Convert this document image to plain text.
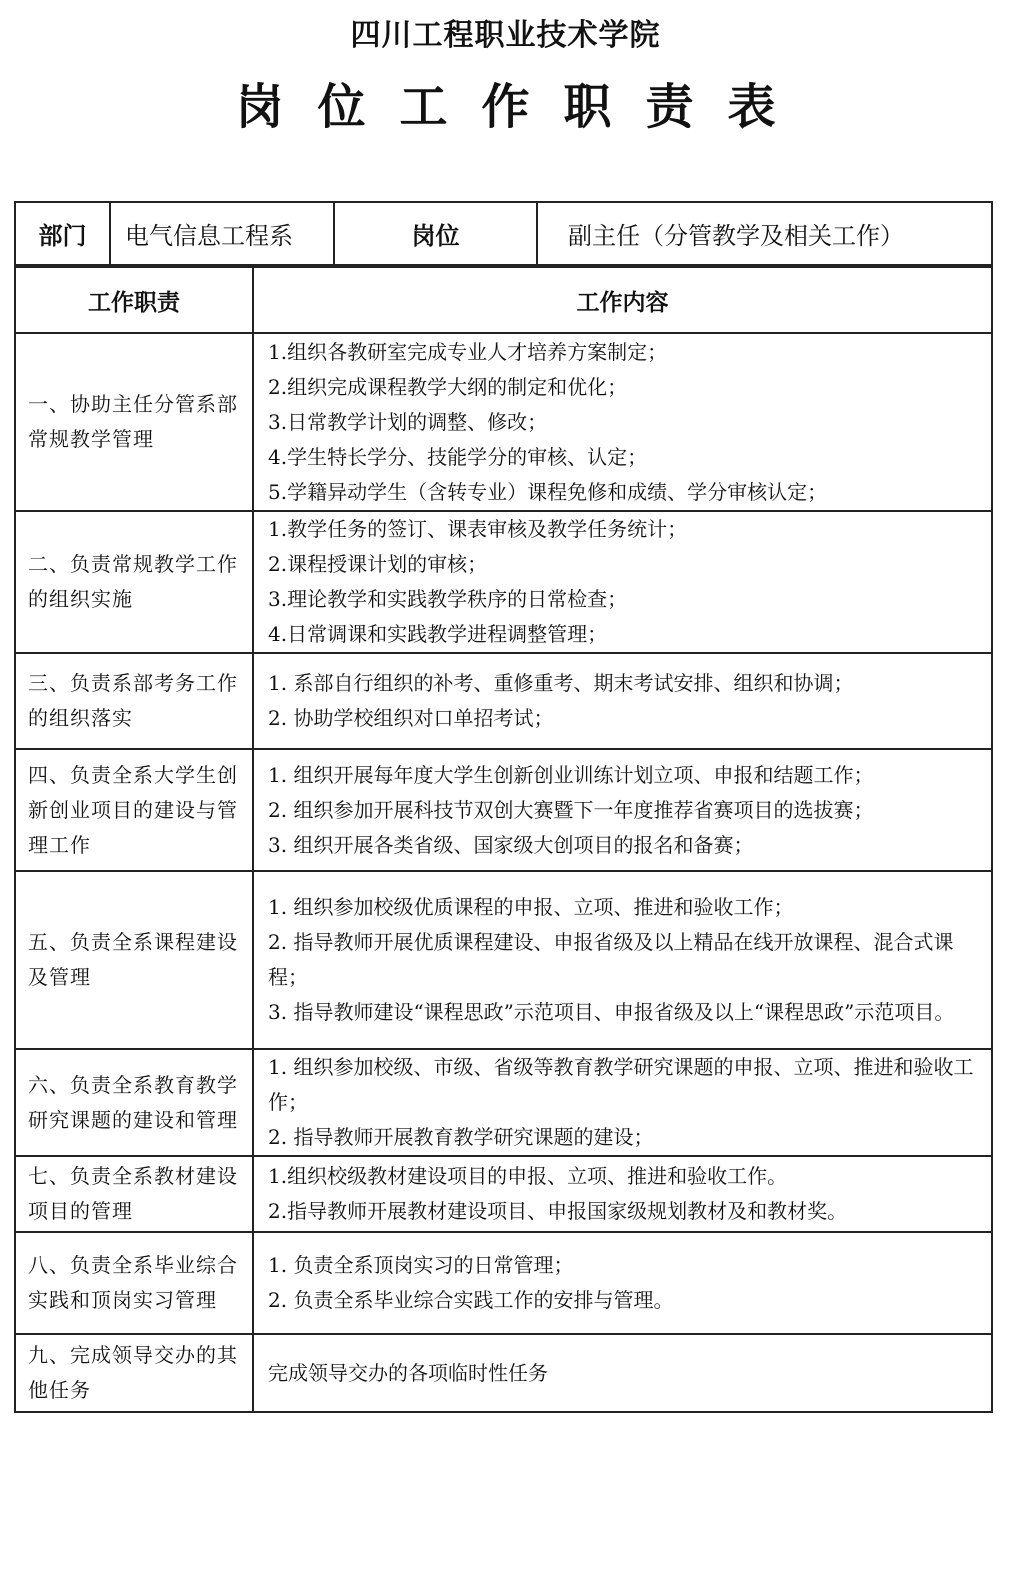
四川工程职业技术学院
岗位工作职责表
部门	电气信息工程系	岗位	副主任（分管教学及相关工作）
工作职责	工作内容
一、协助主任分管系部常规教学管理	1.组织各教研室完成专业人才培养方案制定；
2.组织完成课程教学大纲的制定和优化；
3.日常教学计划的调整、修改；
4.学生特长学分、技能学分的审核、认定；
5.学籍异动学生（含转专业）课程免修和成绩、学分审核认定；

二、负责常规教学工作的组织实施	1.教学任务的签订、课表审核及教学任务统计；
2.课程授课计划的审核；
3.理论教学和实践教学秩序的日常检查；
4.日常调课和实践教学进程调整管理；

三、负责系部考务工作的组织落实	1. 系部自行组织的补考、重修重考、期末考试安排、组织和协调；
2. 协助学校组织对口单招考试；

四、负责全系大学生创新创业项目的建设与管理工作	1. 组织开展每年度大学生创新创业训练计划立项、申报和结题工作；
2. 组织参加开展科技节双创大赛暨下一年度推荐省赛项目的选拔赛；
3. 组织开展各类省级、国家级大创项目的报名和备赛；

五、负责全系课程建设及管理	1. 组织参加校级优质课程的申报、立项、推进和验收工作；
2. 指导教师开展优质课程建设、申报省级及以上精品在线开放课程、混合式课程；
3. 指导教师建设“课程思政”示范项目、申报省级及以上“课程思政”示范项目。

六、负责全系教育教学研究课题的建设和管理	1. 组织参加校级、市级、省级等教育教学研究课题的申报、立项、推进和验收工作；
2. 指导教师开展教育教学研究课题的建设；

七、负责全系教材建设项目的管理	1.组织校级教材建设项目的申报、立项、推进和验收工作。
2.指导教师开展教材建设项目、申报国家级规划教材及和教材奖。

八、负责全系毕业综合实践和顶岗实习管理	1. 负责全系顶岗实习的日常管理；
2. 负责全系毕业综合实践工作的安排与管理。

九、完成领导交办的其他任务	完成领导交办的各项临时性任务
